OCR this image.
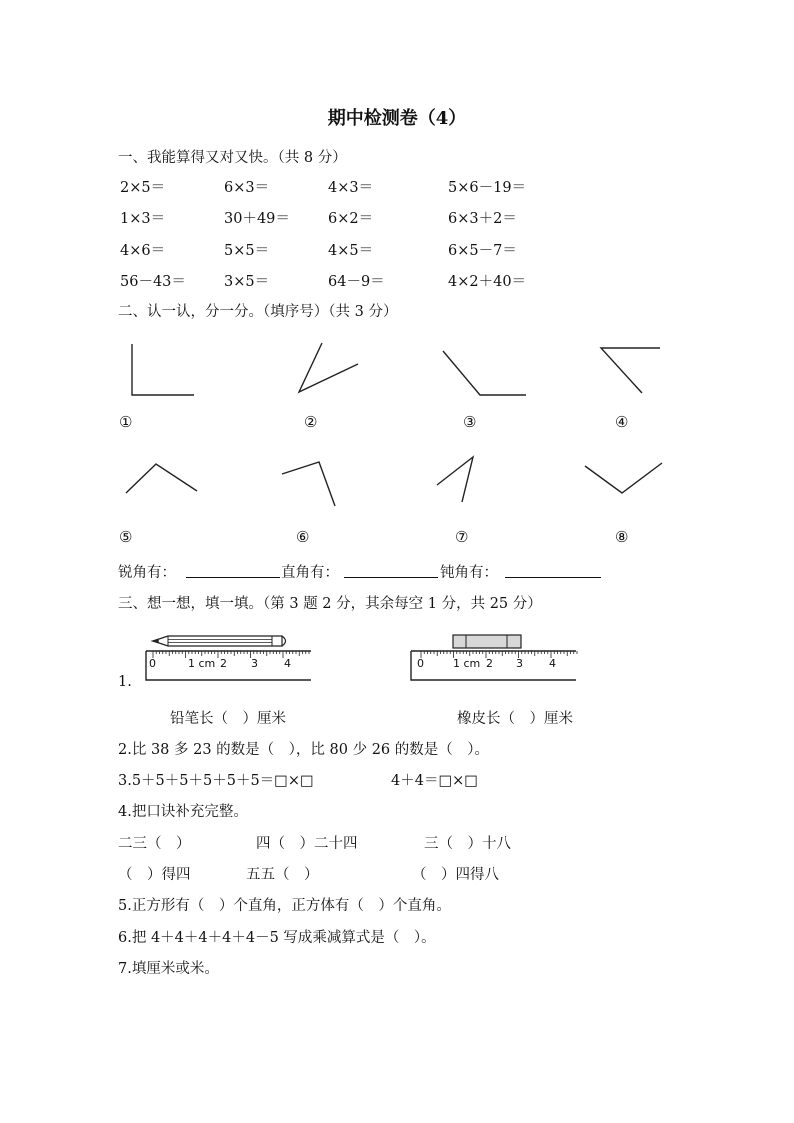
期中检测卷（4）
一、我能算得又对又快。（共 8 分）
2×5＝	6×3＝	4×3＝	5×6－19＝
1×3＝	30＋49＝	6×2＝	6×3＋2＝
4×6＝	5×5＝	4×5＝	6×5－7＝
56－43＝	3×5＝	64－9＝	4×2＋40＝
二、认一认，分一分。（填序号）（共 3 分）
①	②	③	④
⑤	⑥	⑦	⑧
锐角有：	直角有：	钝角有：
三、想一想，填一填。（第 3 题 2 分，其余每空 1 分，共 25 分）
0	1 cm 2 3 4	0	1 cm 2 3 4
1.
铅笔长（　）厘米	橡皮长（　）厘米
2.比 38 多 23 的数是（　），比 80 少 26 的数是（　）。
3.5＋5＋5＋5＋5＋5＝□×□	4＋4＝□×□
4.把口诀补充完整。
二三（　）	四（　）二十四	三（　）十八
（　）得四	五五（　）	（　）四得八
5.正方形有（　）个直角，正方体有（　）个直角。
6.把 4＋4＋4＋4＋4－5 写成乘减算式是（　）。
7.填厘米或米。
